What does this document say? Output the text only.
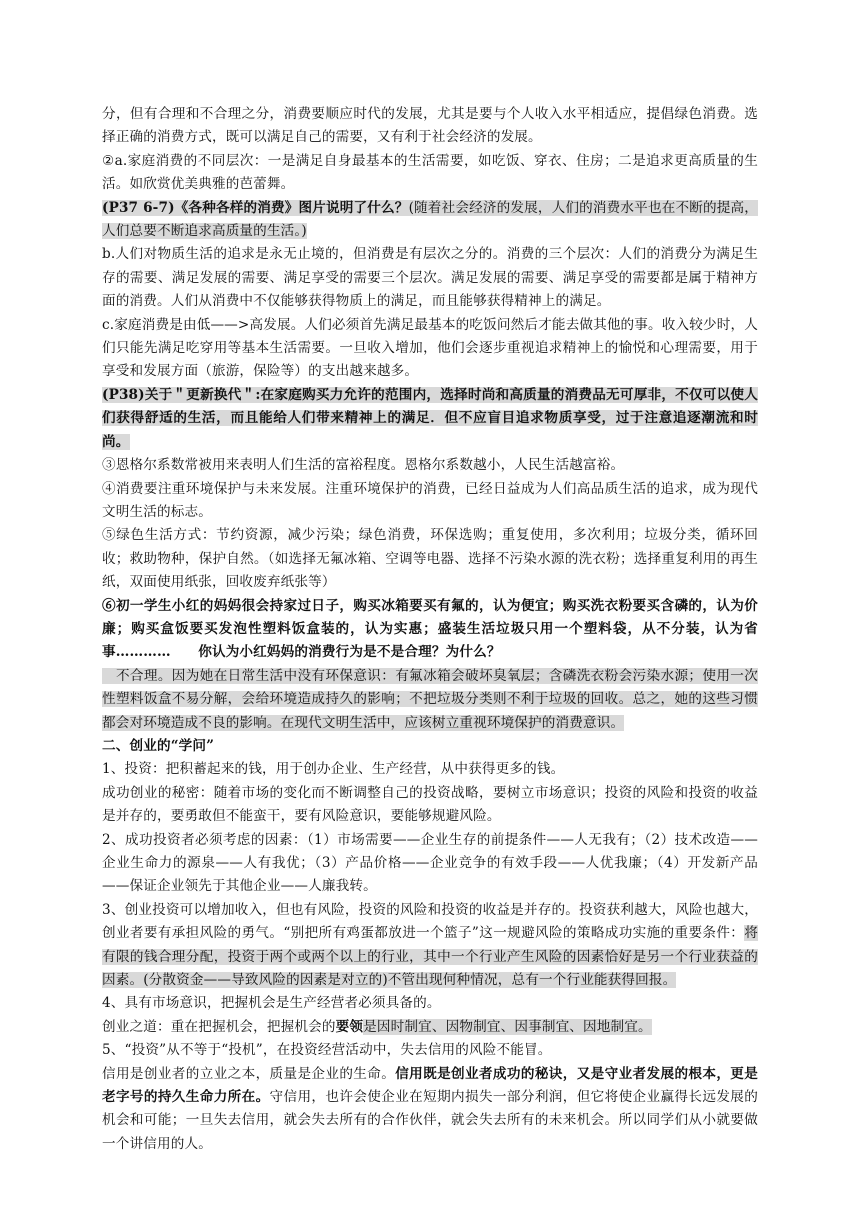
分，但有合理和不合理之分，消费要顺应时代的发展，尤其是要与个人收入水平相适应，提倡绿色消费。选择正确的消费方式，既可以满足自己的需要，又有利于社会经济的发展。

②a.家庭消费的不同层次：一是满足自身最基本的生活需要，如吃饭、穿衣、住房；二是追求更高质量的生活。如欣赏优美典雅的芭蕾舞。

(P37 6-7)《各种各样的消费》图片说明了什么？(随着社会经济的发展，人们的消费水平也在不断的提高，人们总要不断追求高质量的生活。)

b.人们对物质生活的追求是永无止境的，但消费是有层次之分的。消费的三个层次：人们的消费分为满足生存的需要、满足发展的需要、满足享受的需要三个层次。满足发展的需要、满足享受的需要都是属于精神方面的消费。人们从消费中不仅能够获得物质上的满足，而且能够获得精神上的满足。

c.家庭消费是由低——>高发展。人们必须首先满足最基本的吃饭问然后才能去做其他的事。收入较少时，人们只能先满足吃穿用等基本生活需要。一旦收入增加，他们会逐步重视追求精神上的愉悦和心理需要，用于享受和发展方面（旅游，保险等）的支出越来越多。

(P38)关于＂更新换代＂:在家庭购买力允许的范围内，选择时尚和高质量的消费品无可厚非，不仅可以使人们获得舒适的生活，而且能给人们带来精神上的满足．但不应盲目追求物质享受，过于注意追逐潮流和时尚。

③恩格尔系数常被用来表明人们生活的富裕程度。恩格尔系数越小，人民生活越富裕。

④消费要注重环境保护与未来发展。注重环境保护的消费，已经日益成为人们高品质生活的追求，成为现代文明生活的标志。

⑤绿色生活方式：节约资源，减少污染；绿色消费，环保选购；重复使用，多次利用；垃圾分类，循环回收；救助物种，保护自然。（如选择无氟冰箱、空调等电器、选择不污染水源的洗衣粉；选择重复利用的再生纸，双面使用纸张，回收废弃纸张等）

⑥初一学生小红的妈妈很会持家过日子，购买冰箱要买有氟的，认为便宜；购买洗衣粉要买含磷的，认为价廉；购买盒饭要买发泡性塑料饭盒装的，认为实惠；盛装生活垃圾只用一个塑料袋，从不分装，认为省事…………　　你认为小红妈妈的消费行为是不是合理？为什么？

　不合理。因为她在日常生活中没有环保意识：有氟冰箱会破坏臭氧层；含磷洗衣粉会污染水源；使用一次性塑料饭盒不易分解，会给环境造成持久的影响；不把垃圾分类则不利于垃圾的回收。总之，她的这些习惯都会对环境造成不良的影响。在现代文明生活中，应该树立重视环境保护的消费意识。

二、创业的“学问”

1、投资：把积蓄起来的钱，用于创办企业、生产经营，从中获得更多的钱。

成功创业的秘密：随着市场的变化而不断调整自己的投资战略，要树立市场意识；投资的风险和投资的收益是并存的，要勇敢但不能蛮干，要有风险意识，要能够规避风险。

2、成功投资者必须考虑的因素：（1）市场需要——企业生存的前提条件——人无我有；（2）技术改造——企业生命力的源泉——人有我优；（3）产品价格——企业竞争的有效手段——人优我廉；（4）开发新产品——保证企业领先于其他企业——人廉我转。

3、创业投资可以增加收入，但也有风险，投资的风险和投资的收益是并存的。投资获利越大，风险也越大，创业者要有承担风险的勇气。“别把所有鸡蛋都放进一个篮子”这一规避风险的策略成功实施的重要条件：将有限的钱合理分配，投资于两个或两个以上的行业，其中一个行业产生风险的因素恰好是另一个行业获益的因素。(分散资金——导致风险的因素是对立的)不管出现何种情况，总有一个行业能获得回报。

4、具有市场意识，把握机会是生产经营者必须具备的。

创业之道：重在把握机会，把握机会的要领是因时制宜、因物制宜、因事制宜、因地制宜。

5、“投资”从不等于“投机”，在投资经营活动中，失去信用的风险不能冒。

信用是创业者的立业之本，质量是企业的生命。信用既是创业者成功的秘诀，又是守业者发展的根本，更是老字号的持久生命力所在。守信用，也许会使企业在短期内损失一部分利润，但它将使企业赢得长远发展的机会和可能；一旦失去信用，就会失去所有的合作伙伴，就会失去所有的未来机会。所以同学们从小就要做一个讲信用的人。
